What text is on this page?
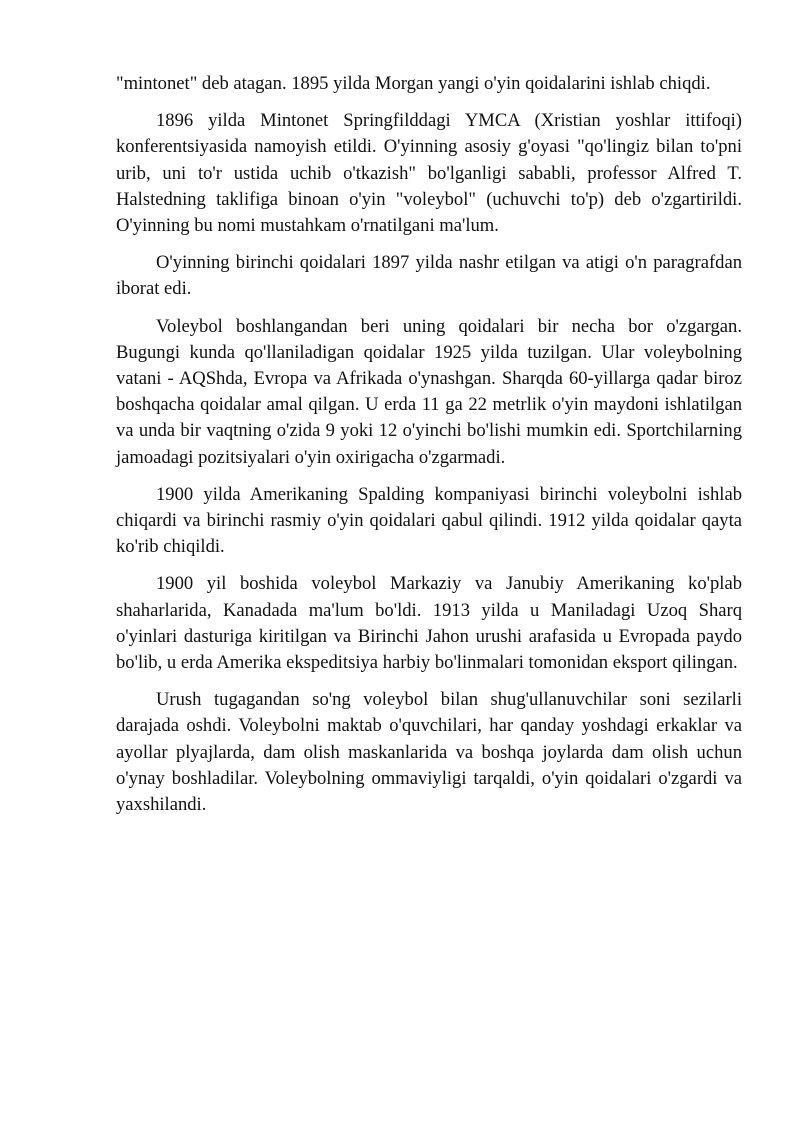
"mintonet" deb atagan. 1895 yilda Morgan yangi o'yin qoidalarini ishlab chiqdi.

1896 yilda Mintonet Springfilddagi YMCA (Xristian yoshlar ittifoqi) konferentsiyasida namoyish etildi. O'yinning asosiy g'oyasi "qo'lingiz bilan to'pni urib, uni to'r ustida uchib o'tkazish" bo'lganligi sababli, professor Alfred T. Halstedning taklifiga binoan o'yin "voleybol" (uchuvchi to'p) deb o'zgartirildi. O'yinning bu nomi mustahkam o'rnatilgani ma'lum.

O'yinning birinchi qoidalari 1897 yilda nashr etilgan va atigi o'n paragrafdan iborat edi.

Voleybol boshlangandan beri uning qoidalari bir necha bor o'zgargan. Bugungi kunda qo'llaniladigan qoidalar 1925 yilda tuzilgan. Ular voleybolning vatani - AQShda, Evropa va Afrikada o'ynashgan. Sharqda 60-yillarga qadar biroz boshqacha qoidalar amal qilgan. U erda 11 ga 22 metrlik o'yin maydoni ishlatilgan va unda bir vaqtning o'zida 9 yoki 12 o'yinchi bo'lishi mumkin edi. Sportchilarning jamoadagi pozitsiyalari o'yin oxirigacha o'zgarmadi.

1900 yilda Amerikaning Spalding kompaniyasi birinchi voleybolni ishlab chiqardi va birinchi rasmiy o'yin qoidalari qabul qilindi. 1912 yilda qoidalar qayta ko'rib chiqildi.

1900 yil boshida voleybol Markaziy va Janubiy Amerikaning ko'plab shaharlarida, Kanadada ma'lum bo'ldi. 1913 yilda u Maniladagi Uzoq Sharq o'yinlari dasturiga kiritilgan va Birinchi Jahon urushi arafasida u Evropada paydo bo'lib, u erda Amerika ekspeditsiya harbiy bo'linmalari tomonidan eksport qilingan.

Urush tugagandan so'ng voleybol bilan shug'ullanuvchilar soni sezilarli darajada oshdi. Voleybolni maktab o'quvchilari, har qanday yoshdagi erkaklar va ayollar plyajlarda, dam olish maskanlarida va boshqa joylarda dam olish uchun o'ynay boshladilar. Voleybolning ommaviyligi tarqaldi, o'yin qoidalari o'zgardi va yaxshilandi.
